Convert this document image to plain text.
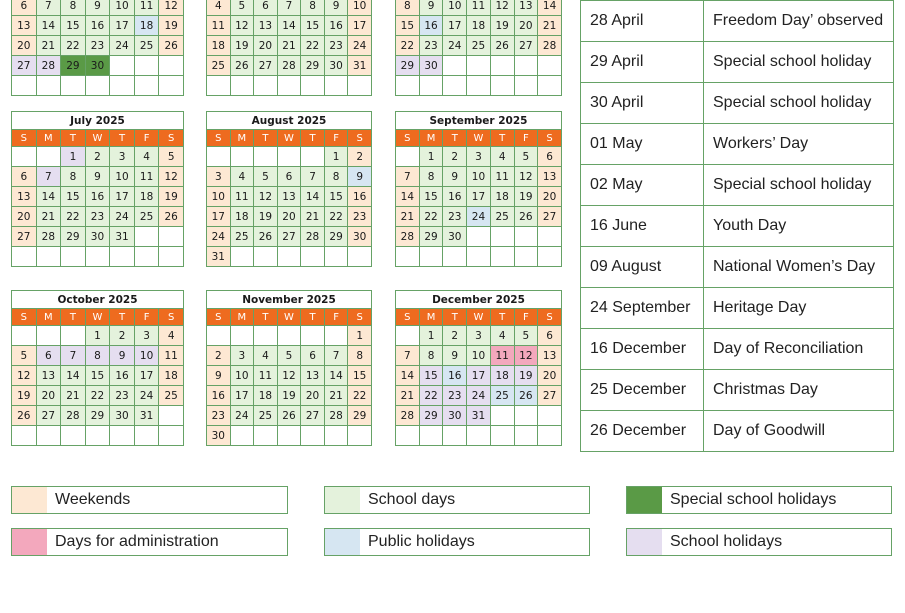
6	7	8	9	10	11	12
13	14	15	16	17	18	19
20	21	22	23	24	25	26
27	28	29	30			

4	5	6	7	8	9	10
11	12	13	14	15	16	17
18	19	20	21	22	23	24
25	26	27	28	29	30	31

8	9	10	11	12	13	14
15	16	17	18	19	20	21
22	23	24	25	26	27	28
29	30					

July 2025						
S	M	T	W	T	F	S
		1	2	3	4	5
6	7	8	9	10	11	12
13	14	15	16	17	18	19
20	21	22	23	24	25	26
27	28	29	30	31		

August 2025						
S	M	T	W	T	F	S
					1	2
3	4	5	6	7	8	9
10	11	12	13	14	15	16
17	18	19	20	21	22	23
24	25	26	27	28	29	30
31						
September 2025						
S	M	T	W	T	F	S
	1	2	3	4	5	6
7	8	9	10	11	12	13
14	15	16	17	18	19	20
21	22	23	24	25	26	27
28	29	30				

October 2025						
S	M	T	W	T	F	S
			1	2	3	4
5	6	7	8	9	10	11
12	13	14	15	16	17	18
19	20	21	22	23	24	25
26	27	28	29	30	31	

November 2025						
S	M	T	W	T	F	S
						1
2	3	4	5	6	7	8
9	10	11	12	13	14	15
16	17	18	19	20	21	22
23	24	25	26	27	28	29
30						
December 2025						
S	M	T	W	T	F	S
	1	2	3	4	5	6
7	8	9	10	11	12	13
14	15	16	17	18	19	20
21	22	23	24	25	26	27
28	29	30	31			

28 April	Freedom Day’ observed
29 April	Special school holiday
30 April	Special school holiday
01 May	Workers’ Day
02 May	Special school holiday
16 June	Youth Day
09 August	National Women’s Day
24 September	Heritage Day
16 December	Day of Reconciliation
25 December	Christmas Day
26 December	Day of Goodwill
Weekends	School days	Special school holidays
Days for administration	Public holidays	School holidays
